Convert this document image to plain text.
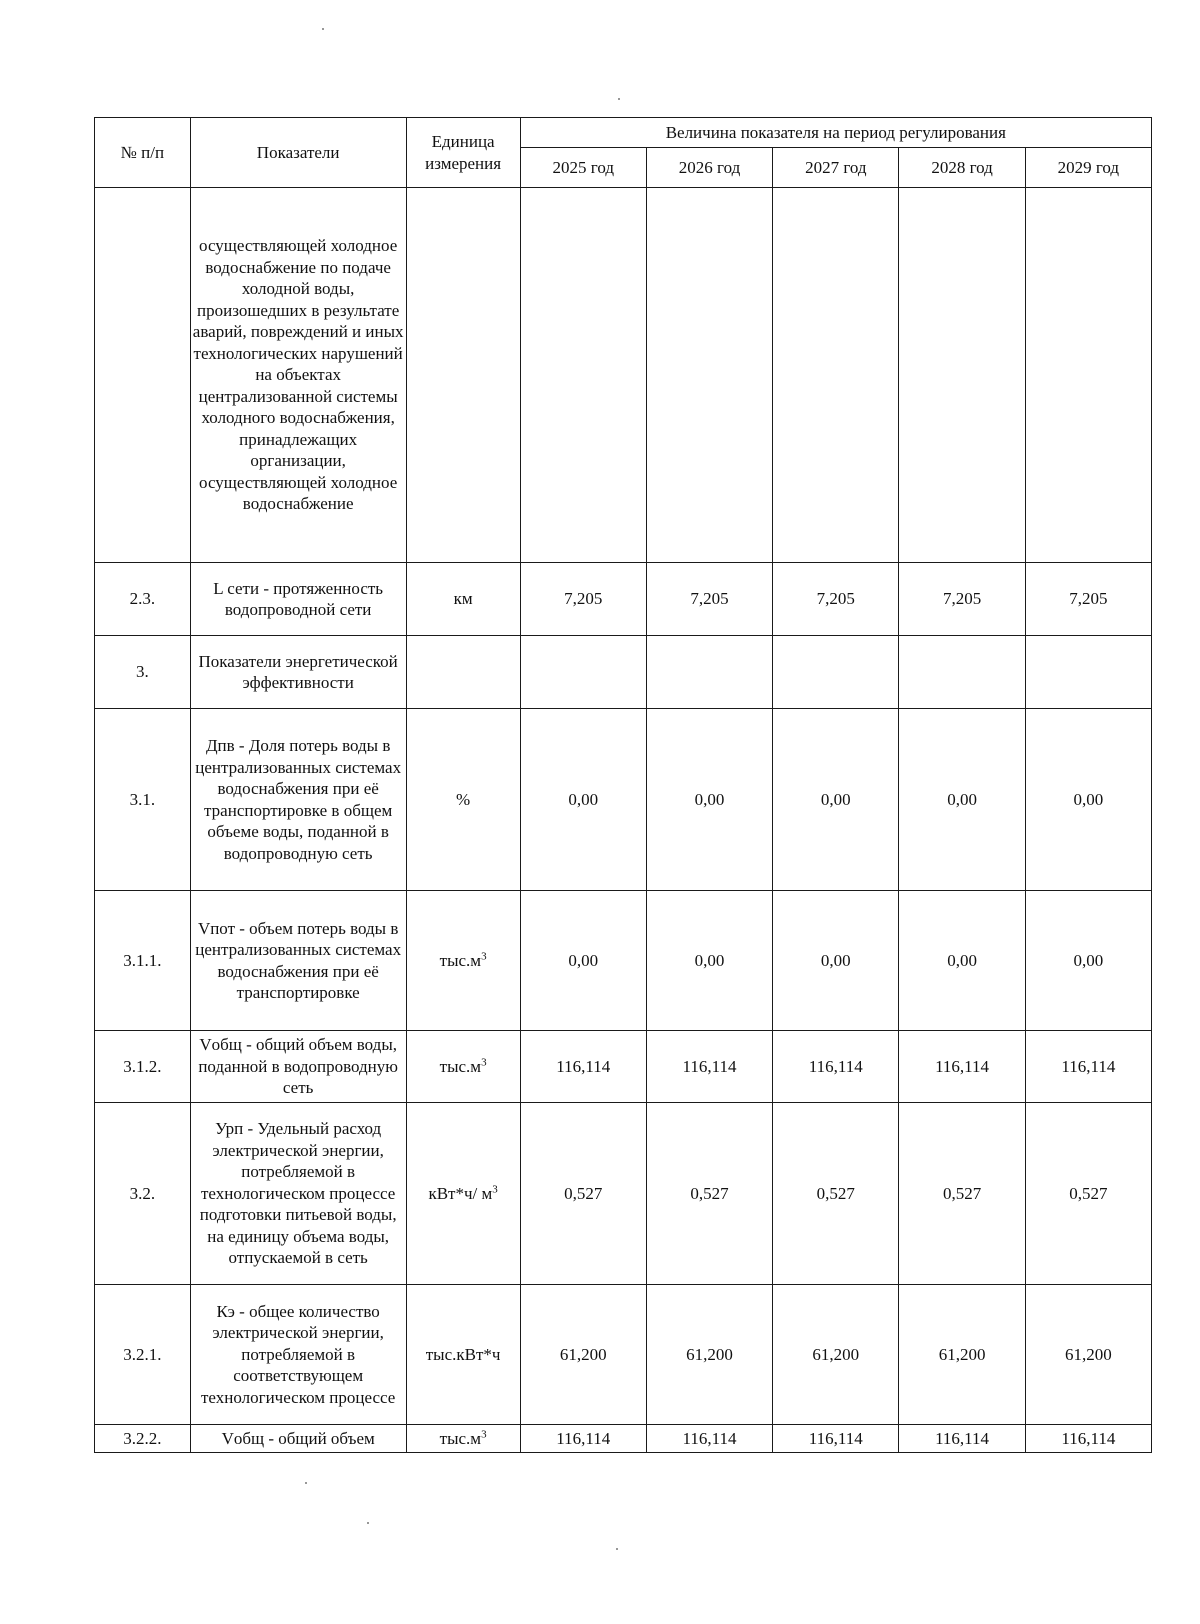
№ п/п	Показатели	Единица измерения	Величина показателя на период регулирования				
			2025 год	2026 год	2027 год	2028 год	2029 год
	осуществляющей холодное водоснабжение по подаче холодной воды, произошедших в результате аварий, повреждений и иных технологических нарушений на объектах централизованной системы холодного водоснабжения, принадлежащих организации, осуществляющей холодное водоснабжение						
2.3.	L сети - протяженность водопроводной сети	км	7,205	7,205	7,205	7,205	7,205
3.	Показатели энергетической эффективности						
3.1.	Дпв - Доля потерь воды в централизованных системах водоснабжения при её транспортировке в общем объеме воды, поданной в водопроводную сеть	%	0,00	0,00	0,00	0,00	0,00
3.1.1.	Vпот - объем потерь воды в централизованных системах водоснабжения при её транспортировке	$тыс.м^3$	0,00	0,00	0,00	0,00	0,00
3.1.2.	Vобщ - общий объем воды, поданной в водопроводную сеть	$тыс.м^3$	116,114	116,114	116,114	116,114	116,114
3.2.	Урп - Удельный расход электрической энергии, потребляемой в технологическом процессе подготовки питьевой воды, на единицу объема воды, отпускаемой в сеть	кВт*ч/ $м^3$	0,527	0,527	0,527	0,527	0,527
3.2.1.	Кэ - общее количество электрической энергии, потребляемой в соответствующем технологическом процессе	тыс.кВт*ч	61,200	61,200	61,200	61,200	61,200
3.2.2.	Vобщ - общий объем	$тыс.м^3$	116,114	116,114	116,114	116,114	116,114
